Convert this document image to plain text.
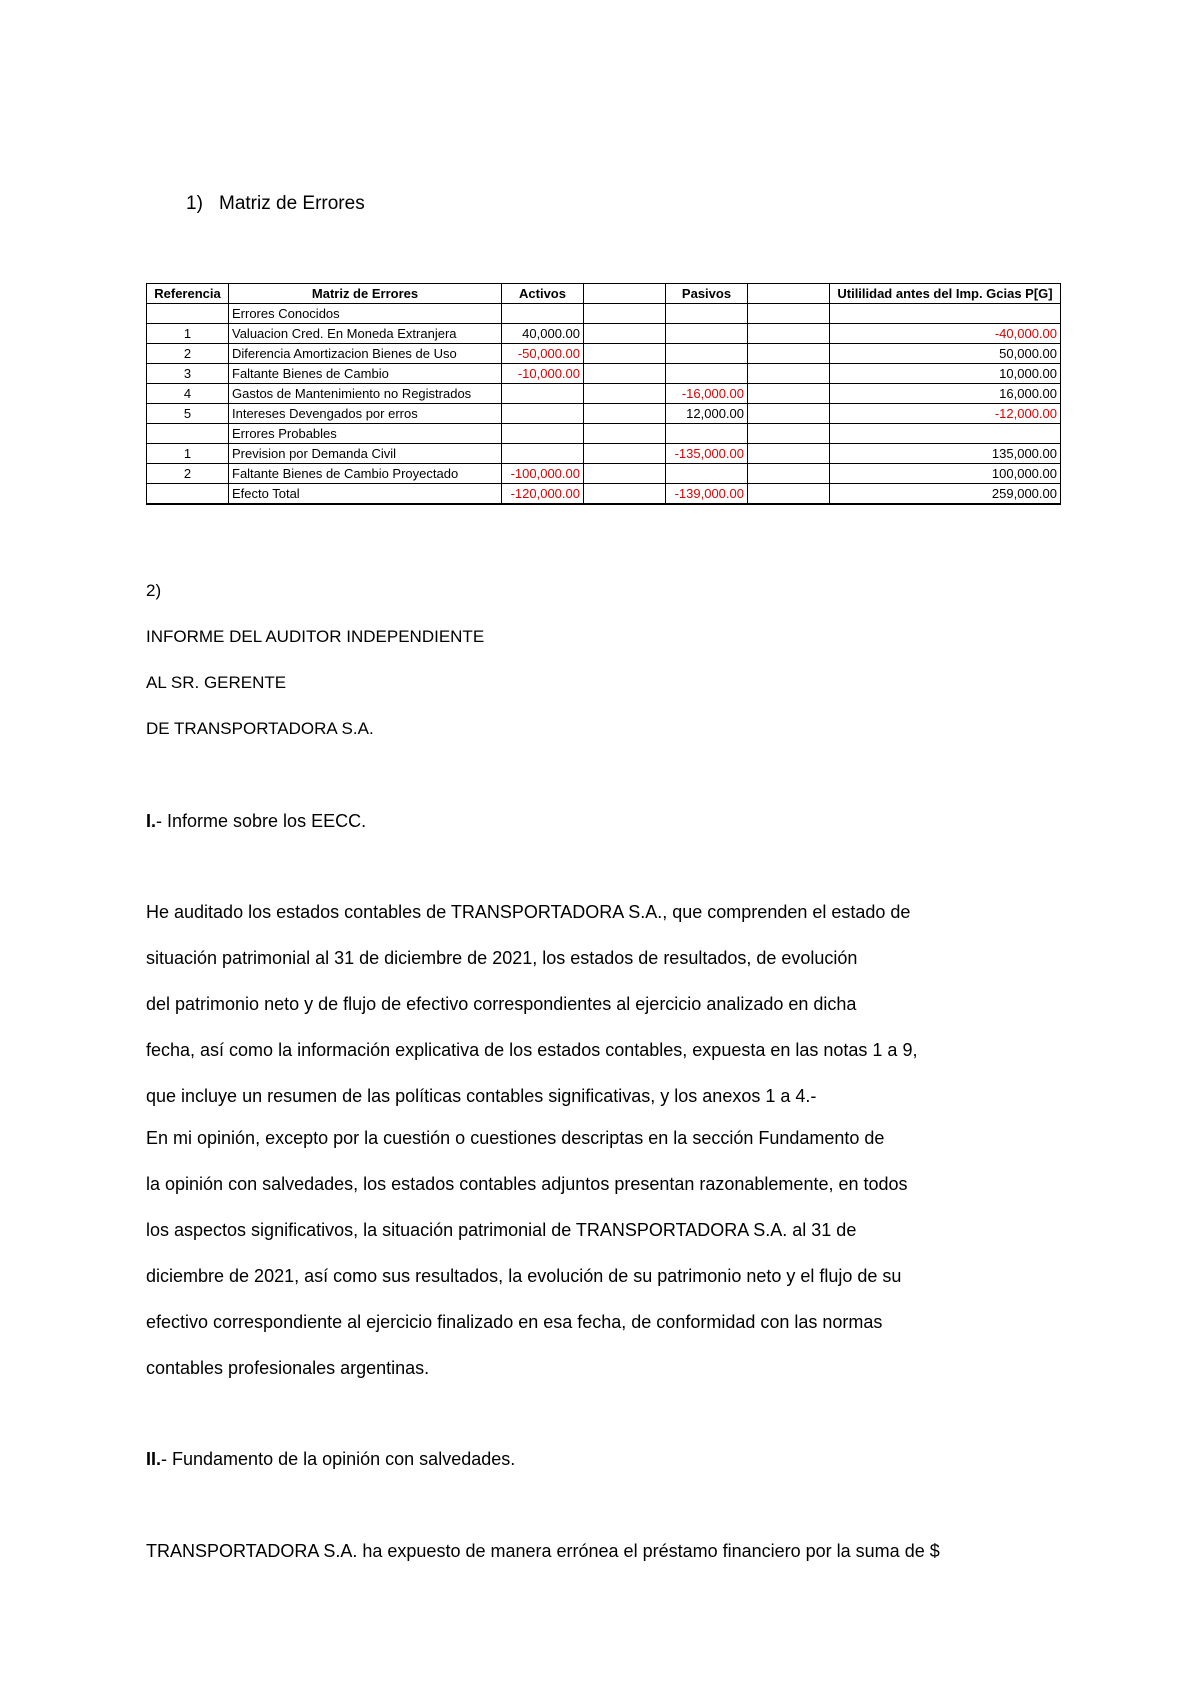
1) Matriz de Errores
Referencia	Matriz de Errores	Activos		Pasivos		Utililidad antes del Imp. Gcias P[G]
	Errores Conocidos					
1	Valuacion Cred. En Moneda Extranjera	40,000.00				-40,000.00
2	Diferencia Amortizacion Bienes de Uso	-50,000.00				50,000.00
3	Faltante Bienes de Cambio	-10,000.00				10,000.00
4	Gastos de Mantenimiento no Registrados			-16,000.00		16,000.00
5	Intereses Devengados por erros			12,000.00		-12,000.00
	Errores Probables					
1	Prevision por Demanda Civil			-135,000.00		135,000.00
2	Faltante Bienes de Cambio Proyectado	-100,000.00				100,000.00
	Efecto Total	-120,000.00		-139,000.00		259,000.00
2)
INFORME DEL AUDITOR INDEPENDIENTE
AL SR. GERENTE
DE TRANSPORTADORA S.A.
I.- Informe sobre los EECC.
He auditado los estados contables de TRANSPORTADORA S.A., que comprenden el estado de
situación patrimonial al 31 de diciembre de 2021, los estados de resultados, de evolución
del patrimonio neto y de flujo de efectivo correspondientes al ejercicio analizado en dicha
fecha, así como la información explicativa de los estados contables, expuesta en las notas 1 a 9,
que incluye un resumen de las políticas contables significativas, y los anexos 1 a 4.-
En mi opinión, excepto por la cuestión o cuestiones descriptas en la sección Fundamento de
la opinión con salvedades, los estados contables adjuntos presentan razonablemente, en todos
los aspectos significativos, la situación patrimonial de TRANSPORTADORA S.A. al 31 de
diciembre de 2021, así como sus resultados, la evolución de su patrimonio neto y el flujo de su
efectivo correspondiente al ejercicio finalizado en esa fecha, de conformidad con las normas
contables profesionales argentinas.
II.- Fundamento de la opinión con salvedades.
TRANSPORTADORA S.A. ha expuesto de manera errónea el préstamo financiero por la suma de $
